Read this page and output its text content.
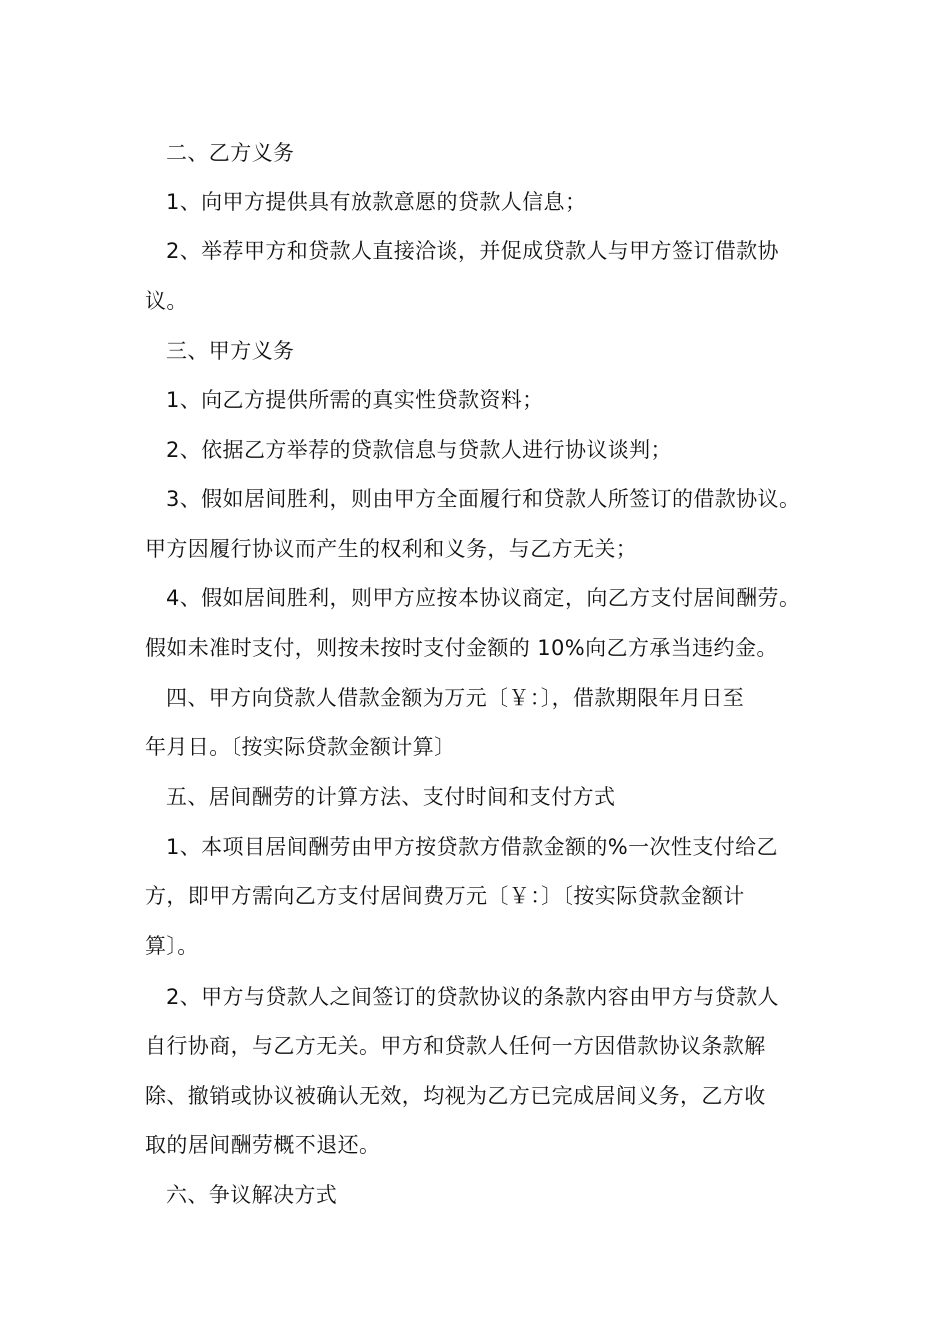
二、乙方义务
1、向甲方提供具有放款意愿的贷款人信息；
2、举荐甲方和贷款人直接洽谈，并促成贷款人与甲方签订借款协
议。
三、甲方义务
1、向乙方提供所需的真实性贷款资料；
2、依据乙方举荐的贷款信息与贷款人进行协议谈判；
3、假如居间胜利，则由甲方全面履行和贷款人所签订的借款协议。
甲方因履行协议而产生的权利和义务，与乙方无关；
4、假如居间胜利，则甲方应按本协议商定，向乙方支付居间酬劳。
假如未准时支付，则按未按时支付金额的 10%向乙方承当违约金。
四、甲方向贷款人借款金额为万元〔￥：〕，借款期限年月日至
年月日。〔按实际贷款金额计算〕
五、居间酬劳的计算方法、支付时间和支付方式
1、本项目居间酬劳由甲方按贷款方借款金额的%一次性支付给乙
方，即甲方需向乙方支付居间费万元〔￥：〕〔按实际贷款金额计
算〕。
2、甲方与贷款人之间签订的贷款协议的条款内容由甲方与贷款人
自行协商，与乙方无关。甲方和贷款人任何一方因借款协议条款解
除、撤销或协议被确认无效，均视为乙方已完成居间义务，乙方收
取的居间酬劳概不退还。
六、争议解决方式
